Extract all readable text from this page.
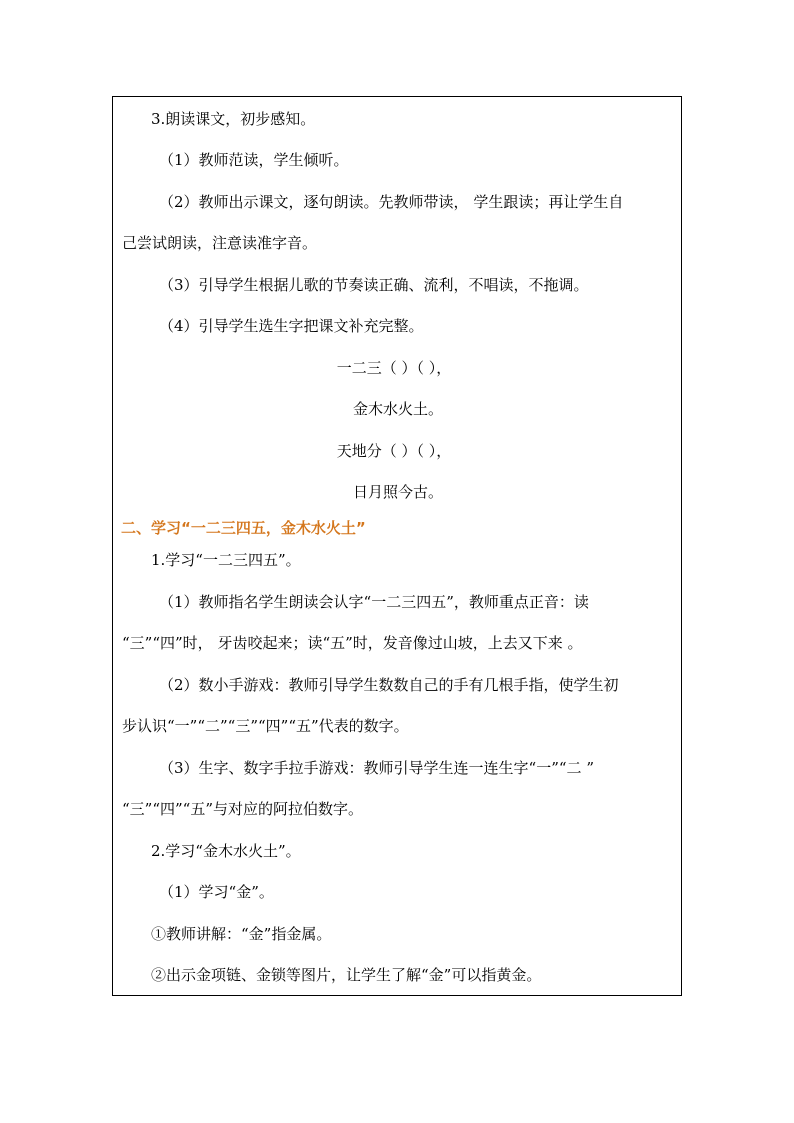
3.朗读课文，初步感知。
（1）教师范读，学生倾听。
（2）教师出示课文，逐句朗读。先教师带读， 学生跟读；再让学生自
己尝试朗读，注意读准字音。
（3）引导学生根据儿歌的节奏读正确、流利，不唱读，不拖调。
（4）引导学生选生字把课文补充完整。
一二三（ ）（ ），
金木水火土。
天地分（ ）（ ），
日月照今古。
二、学习“一二三四五，金木水火土”
1.学习“一二三四五”。
（1）教师指名学生朗读会认字“一二三四五”，教师重点正音：读
“三”“四”时， 牙齿咬起来；读“五”时，发音像过山坡，上去又下来 。
（2）数小手游戏：教师引导学生数数自己的手有几根手指，使学生初
步认识“一”“二”“三”“四”“五”代表的数字。
（3）生字、数字手拉手游戏：教师引导学生连一连生字“一”“二 ”
“三”“四”“五”与对应的阿拉伯数字。
2.学习“金木水火土”。
（1）学习“金”。
①教师讲解：“金”指金属。
②出示金项链、金锁等图片，让学生了解“金”可以指黄金。
